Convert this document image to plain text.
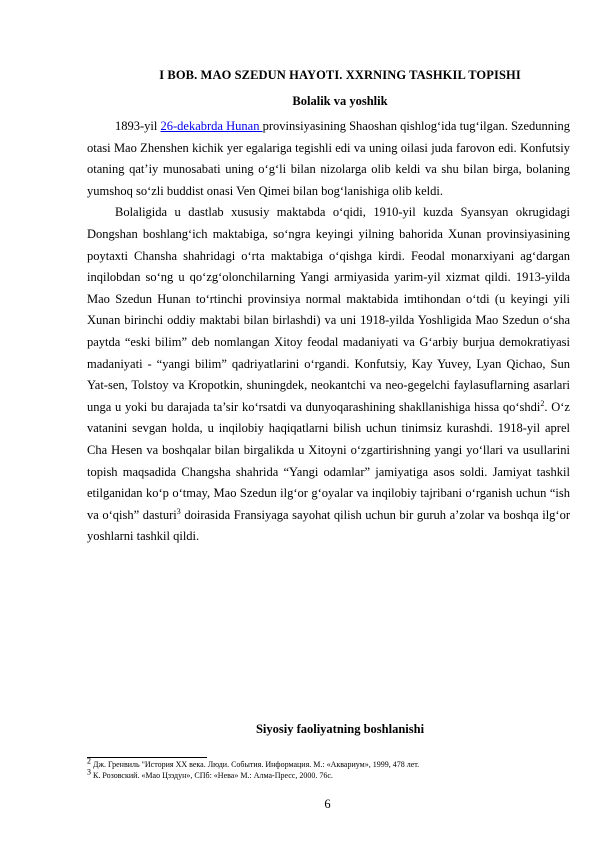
I BOB. MAO SZEDUN HAYOTI. XXRNING TASHKIL TOPISHI
Bolalik va yoshlik

1893-yil 26-dekabrda Hunan provinsiyasining Shaoshan qishlog‘ida tug‘ilgan. Szedunning otasi Mao Zhenshen kichik yer egalariga tegishli edi va uning oilasi juda farovon edi. Konfutsiy otaning qat’iy munosabati uning o‘g‘li bilan nizolarga olib keldi va shu bilan birga, bolaning yumshoq so‘zli buddist onasi Ven Qimei bilan bog‘lanishiga olib keldi.

Bolaligida u dastlab xususiy maktabda o‘qidi, 1910-yil kuzda Syansyan okrugidagi Dongshan boshlang‘ich maktabiga, so‘ngra keyingi yilning bahorida Xunan provinsiyasining poytaxti Chansha shahridagi o‘rta maktabiga o‘qishga kirdi. Feodal monarxiyani ag‘dargan inqilobdan so‘ng u qo‘zg‘olonchilarning Yangi armiyasida yarim-yil xizmat qildi. 1913-yilda Mao Szedun Hunan to‘rtinchi provinsiya normal maktabida imtihondan o‘tdi (u keyingi yili Xunan birinchi oddiy maktabi bilan birlashdi) va uni 1918-yilda Yoshligida Mao Szedun o‘sha paytda “eski bilim” deb nomlangan Xitoy feodal madaniyati va G‘arbiy burjua demokratiyasi madaniyati - “yangi bilim” qadriyatlarini o‘rgandi. Konfutsiy, Kay Yuvey, Lyan Qichao, Sun Yat-sen, Tolstoy va Kropotkin, shuningdek, neokantchi va neo-gegelchi faylasuflarning asarlari unga u yoki bu darajada ta’sir ko‘rsatdi va dunyoqarashining shakllanishiga hissa qo‘shdi$^2$. O‘z vatanini sevgan holda, u inqilobiy haqiqatlarni bilish uchun tinimsiz kurashdi. 1918-yil aprel Cha Hesen va boshqalar bilan birgalikda u Xitoyni o‘zgartirishning yangi yo‘llari va usullarini topish maqsadida Changsha shahrida “Yangi odamlar” jamiyatiga asos soldi. Jamiyat tashkil etilganidan ko‘p o‘tmay, Mao Szedun ilg‘or g‘oyalar va inqilobiy tajribani o‘rganish uchun “ish va o‘qish” dasturi$^3$ doirasida Fransiyaga sayohat qilish uchun bir guruh a’zolar va boshqa ilg‘or yoshlarni tashkil qildi.

Siyosiy faoliyatning boshlanishi
$^2$ Дж. Гренвиль "История XX века. Люди. События. Информация. М.: «Аквариум», 1999, 478 лет.
$^3$ К. Розовский. «Мао Цзэдун», СПб: «Нева» М.: Алма-Пресс, 2000. 76с.
6
